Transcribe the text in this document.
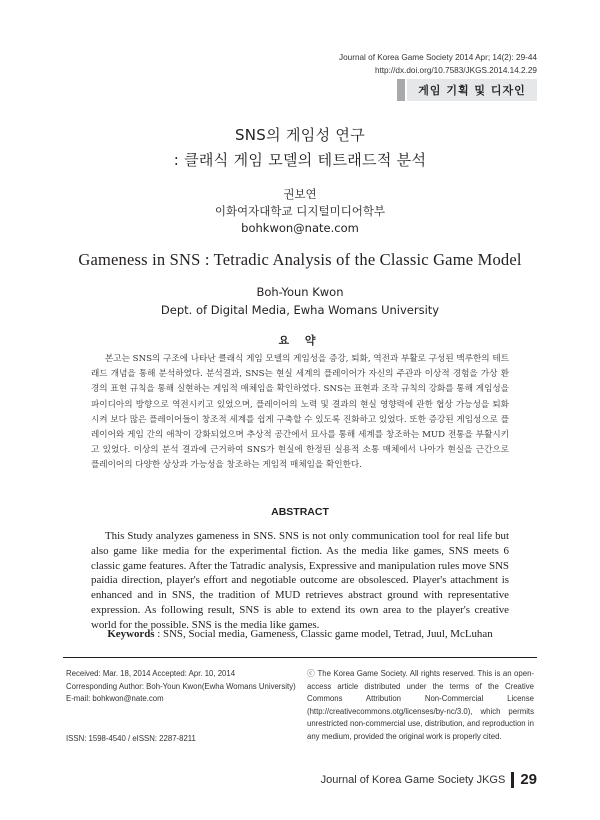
Journal of Korea Game Society 2014 Apr; 14(2): 29-44
http://dx.doi.org/10.7583/JKGS.2014.14.2.29
게임 기획 및 디자인
SNS의 게임성 연구
: 클래식 게임 모델의 테트래드적 분석
권보연
이화여자대학교 디지털미디어학부
bohkwon@nate.com
Gameness in SNS : Tetradic Analysis of the Classic Game Model
Boh-Youn Kwon
Dept. of Digital Media, Ewha Womans University
요 약
본고는 SNS의 구조에 나타난 클래식 게임 모델의 게임성을 증강, 퇴화, 역전과 부활로 구성된 맥루한의 테트래드 개념을 통해 분석하였다. 분석결과, SNS는 현실 세계의 플레이어가 자신의 주관과 이상적 경험을 가상 환경의 표현 규칙을 통해 실현하는 게임적 매체임을 확인하였다. SNS는 표현과 조작 규칙의 강화를 통해 게임성을 파이디아의 방향으로 역전시키고 있었으며, 플레이어의 노력 및 결과의 현실 영향력에 관한 협상 가능성을 퇴화시켜 보다 많은 플레이어들이 창조적 세계를 쉽게 구축할 수 있도록 진화하고 있었다. 또한 증강된 게임성으로 플레이어와 게임 간의 애착이 강화되었으며 추상적 공간에서 묘사를 통해 세계를 창조하는 MUD 전통을 부활시키고 있었다. 이상의 분석 결과에 근거하여 SNS가 현실에 한정된 실용적 소통 매체에서 나아가 현실을 근간으로 플레이어의 다양한 상상과 가능성을 창조하는 게임적 매체임을 확인한다.
ABSTRACT
This Study analyzes gameness in SNS. SNS is not only communication tool for real life but also game like media for the experimental fiction. As the media like games, SNS meets 6 classic game features. After the Tatradic analysis, Expressive and manipulation rules move SNS paidia direction, player's effort and negotiable outcome are obsolesced. Player's attachment is enhanced and in SNS, the tradition of MUD retrieves abstract ground with representative expression. As following result, SNS is able to extend its own area to the player's creative world for the possible. SNS is the media like games.
Keywords : SNS, Social media, Gameness, Classic game model, Tetrad, Juul, McLuhan
Received: Mar. 18, 2014 Accepted: Apr. 10, 2014
Corresponding Author: Boh-Youn Kwon(Ewha Womans University)
E-mail: bohkwon@nate.com
ISSN: 1598-4540 / eISSN: 2287-8211
ⓒ The Korea Game Society. All rights reserved. This is an open-access article distributed under the terms of the Creative Commons Attribution Non-Commercial License (http://creativecommons.otg/licenses/by-nc/3.0), which permits unrestricted non-commercial use, distribution, and reproduction in any medium, provided the original work is properly cited.
Journal of Korea Game Society JKGS 29
